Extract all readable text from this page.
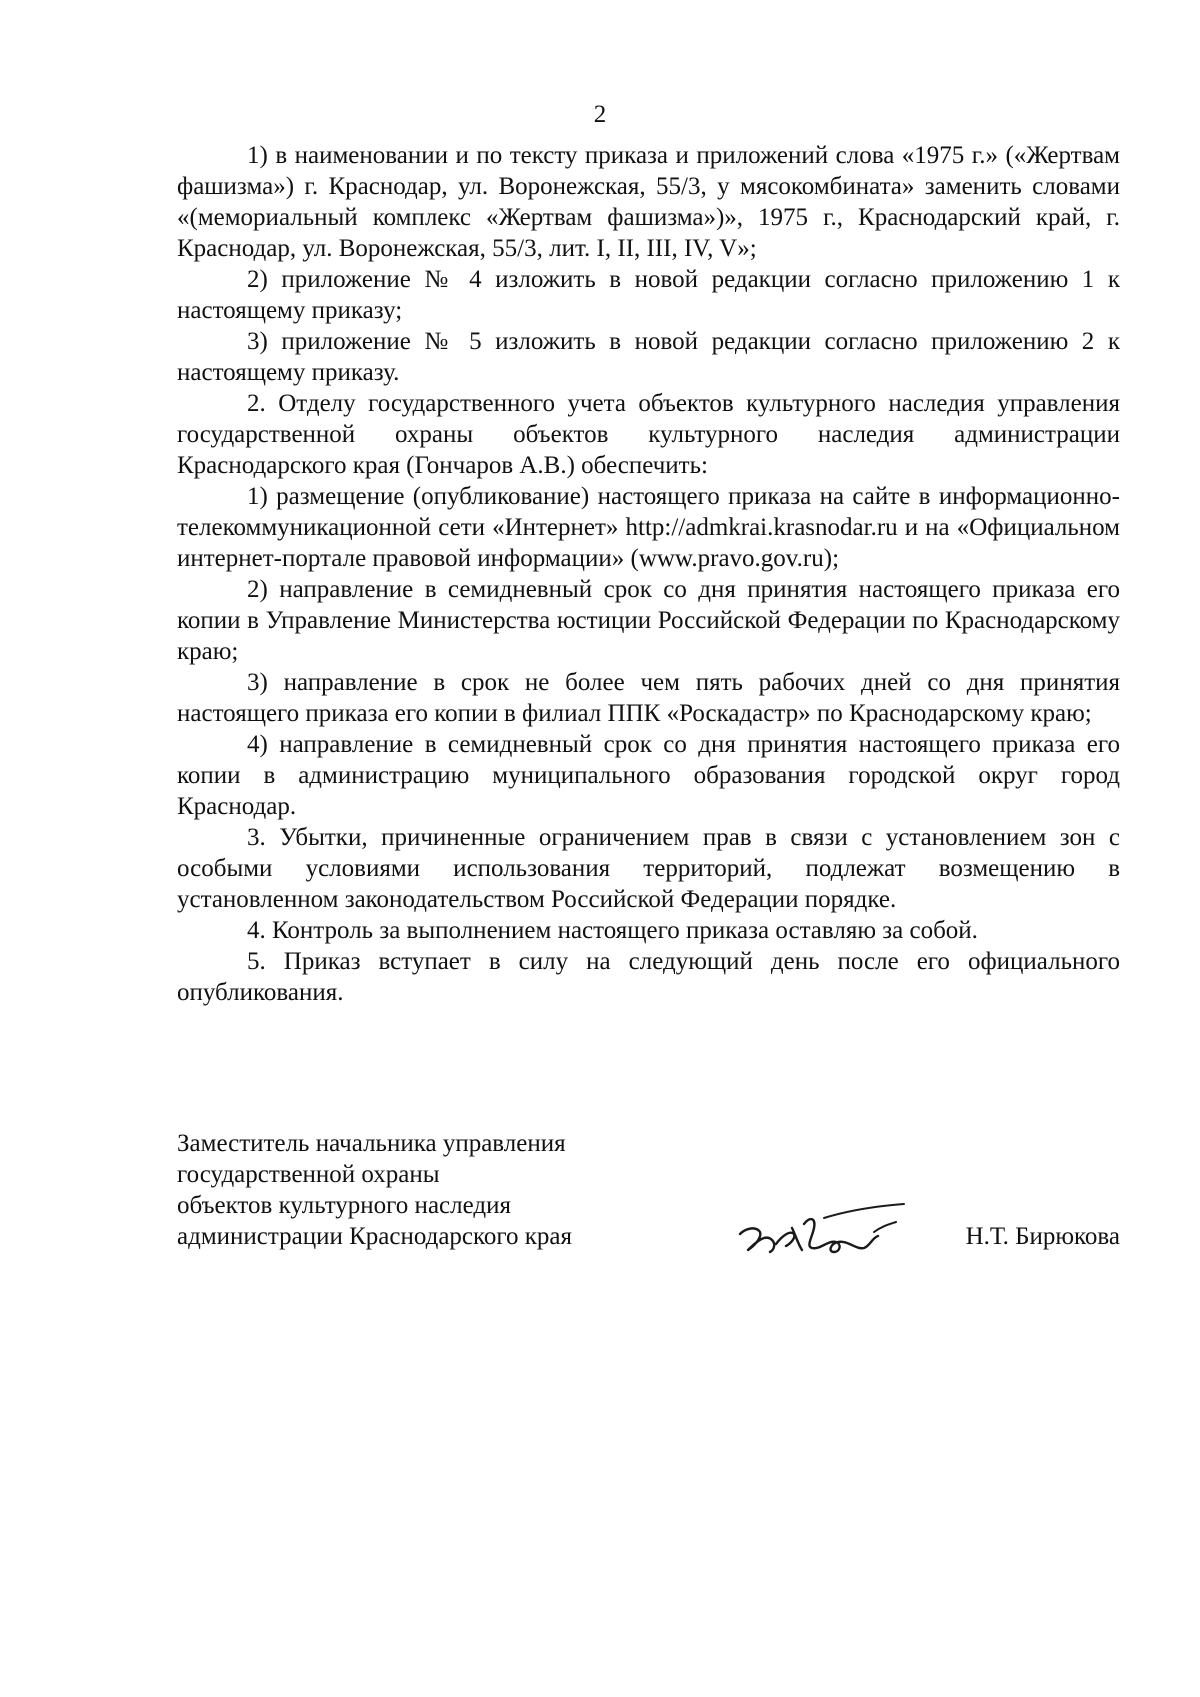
2

1) в наименовании и по тексту приказа и приложений слова «1975 г.» («Жертвам фашизма») г. Краснодар, ул. Воронежская, 55/3, у мясокомбината» заменить словами «(мемориальный комплекс «Жертвам фашизма»)», 1975 г., Краснодарский край, г. Краснодар, ул. Воронежская, 55/3, лит. I, II, III, IV, V»;

2) приложение № 4 изложить в новой редакции согласно приложению 1 к настоящему приказу;

3) приложение № 5 изложить в новой редакции согласно приложению 2 к настоящему приказу.

2. Отделу государственного учета объектов культурного наследия управления государственной охраны объектов культурного наследия администрации Краснодарского края (Гончаров А.В.) обеспечить:

1) размещение (опубликование) настоящего приказа на сайте в информационно-телекоммуникационной сети «Интернет» http://admkrai.krasnodar.ru и на «Официальном интернет-портале правовой информации» (www.pravo.gov.ru);

2) направление в семидневный срок со дня принятия настоящего приказа его копии в Управление Министерства юстиции Российской Федерации по Краснодарскому краю;

3) направление в срок не более чем пять рабочих дней со дня принятия настоящего приказа его копии в филиал ППК «Роскадастр» по Краснодарскому краю;

4) направление в семидневный срок со дня принятия настоящего приказа его копии в администрацию муниципального образования городской округ город Краснодар.

3. Убытки, причиненные ограничением прав в связи с установлением зон с особыми условиями использования территорий, подлежат возмещению в установленном законодательством Российской Федерации порядке.

4. Контроль за выполнением настоящего приказа оставляю за собой.

5. Приказ вступает в силу на следующий день после его официального опубликования.

Заместитель начальника управления
государственной охраны
объектов культурного наследия
администрации Краснодарского края	Н.Т. Бирюкова
